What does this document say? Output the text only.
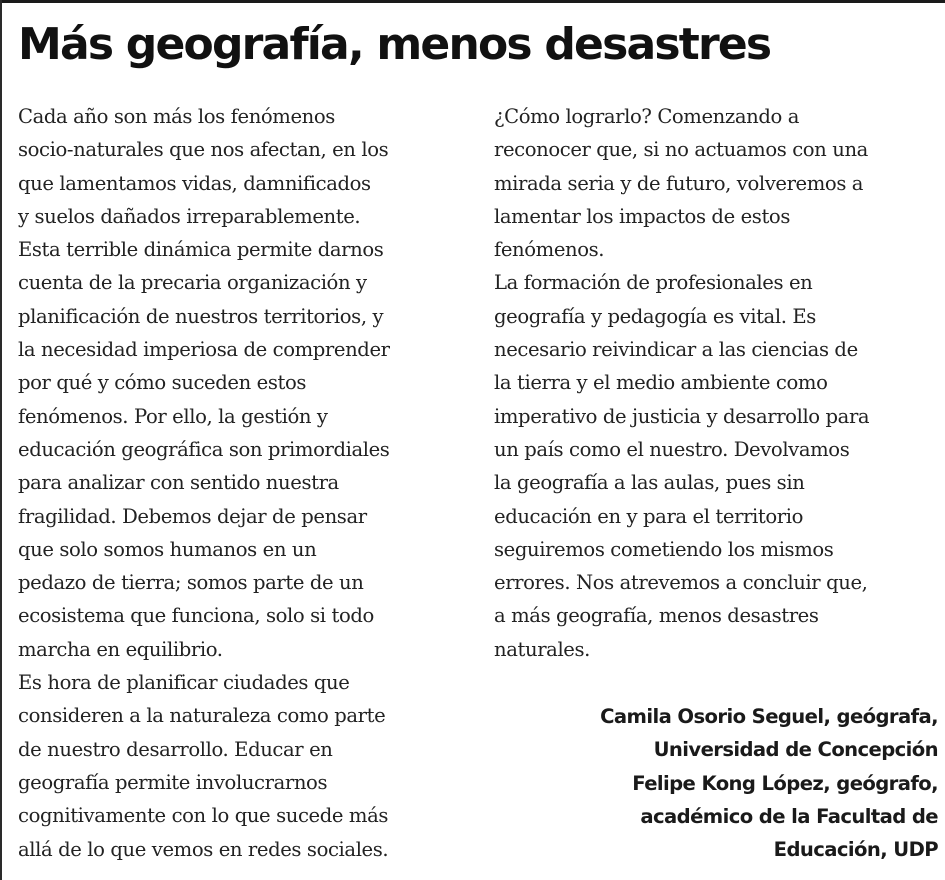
Más geografía, menos desastres

Cada año son más los fenómenos
socio-naturales que nos afectan, en los
que lamentamos vidas, damnificados
y suelos dañados irreparablemente.

Esta terrible dinámica permite darnos
cuenta de la precaria organización y
planificación de nuestros territorios, y
la necesidad imperiosa de comprender
por qué y cómo suceden estos
fenómenos. Por ello, la gestión y
educación geográfica son primordiales
para analizar con sentido nuestra
fragilidad. Debemos dejar de pensar
que solo somos humanos en un
pedazo de tierra; somos parte de un
ecosistema que funciona, solo si todo
marcha en equilibrio.

Es hora de planificar ciudades que
consideren a la naturaleza como parte
de nuestro desarrollo. Educar en
geografía permite involucrarnos
cognitivamente con lo que sucede más
allá de lo que vemos en redes sociales.

¿Cómo lograrlo? Comenzando a
reconocer que, si no actuamos con una
mirada seria y de futuro, volveremos a
lamentar los impactos de estos
fenómenos.

La formación de profesionales en
geografía y pedagogía es vital. Es
necesario reivindicar a las ciencias de
la tierra y el medio ambiente como
imperativo de justicia y desarrollo para
un país como el nuestro. Devolvamos
la geografía a las aulas, pues sin
educación en y para el territorio
seguiremos cometiendo los mismos
errores. Nos atrevemos a concluir que,
a más geografía, menos desastres
naturales.

Camila Osorio Seguel, geógrafa,
Universidad de Concepción
Felipe Kong López, geógrafo,
académico de la Facultad de
Educación, UDP
